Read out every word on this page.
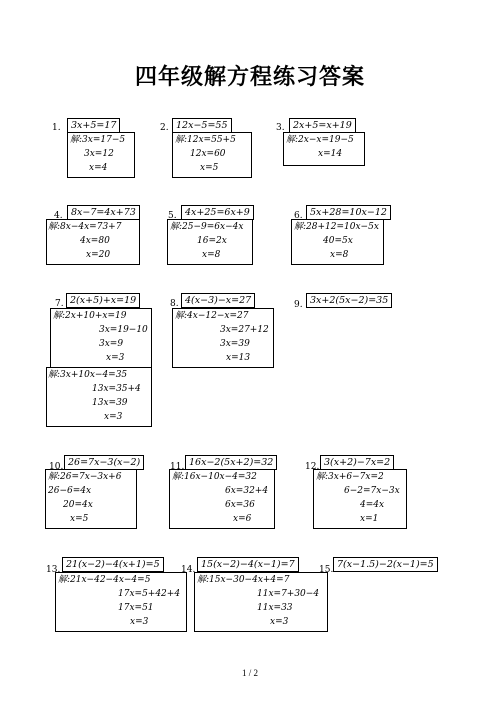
四年级解方程练习答案
1.	3x+5=17
解:3x=17−5
3x=12
x=4
2. 12x−5=55
解:12x=55+5
12x=60
x=5
3. 2x+5=x+19
解:2x−x=19−5
x=14
4. 8x−7=4x+73
解:8x−4x=73+7
4x=80
x=20
5. 4x+25=6x+9
解:25−9=6x−4x
16=2x
x=8
6. 5x+28=10x−12
解:28+12=10x−5x
40=5x
x=8
7. 2(x+5)+x=19
解:2x+10+x=19
3x=19−10
3x=9
x=3
8. 4(x−3)−x=27
解:4x−12−x=27
3x=27+12
3x=39
x=13
9. 3x+2(5x−2)=35
解:3x+10x−4=35
13x=35+4
13x=39
x=3
10. 26=7x−3(x−2)
解:26=7x−3x+6
26−6=4x
20=4x
x=5
11. 16x−2(5x+2)=32
解:16x−10x−4=32
6x=32+4
6x=36
x=6
12. 3(x+2)−7x=2
解:3x+6−7x=2
6−2=7x−3x
4=4x
x=1
13. 21(x−2)−4(x+1)=5
解:21x−42−4x−4=5
17x=5+42+4
17x=51
x=3
14. 15(x−2)−4(x−1)=7
解:15x−30−4x+4=7
11x=7+30−4
11x=33
x=3
15. 7(x−1.5)−2(x−1)=5
1 / 2
